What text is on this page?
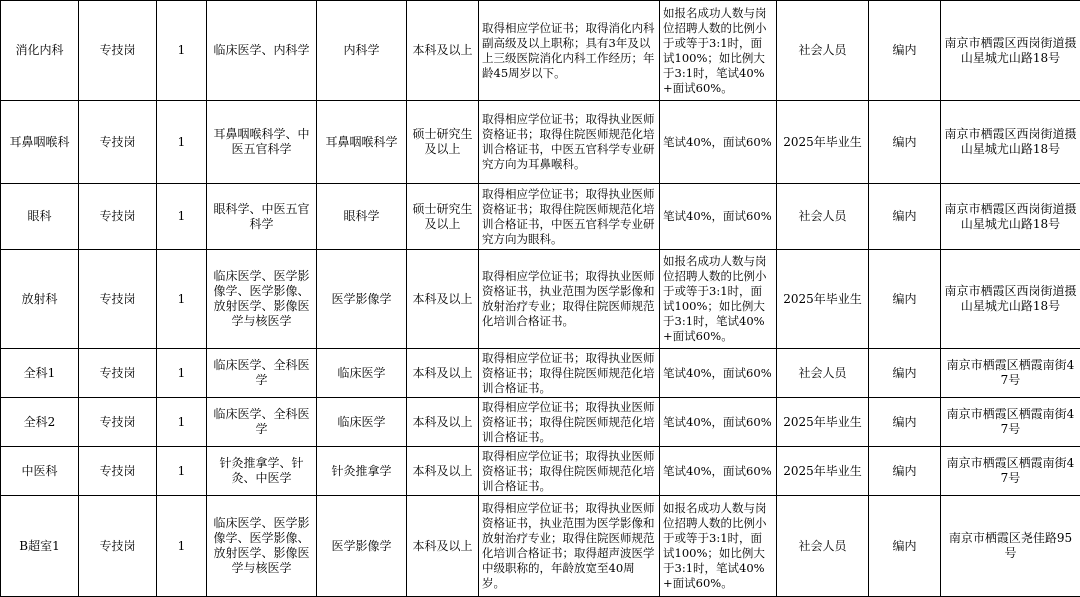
消化内科	专技岗	1	临床医学、内科学	内科学	本科及以上	取得相应学位证书；取得消化内科副高级及以上职称；具有3年及以上三级医院消化内科工作经历；年龄45周岁以下。	如报名成功人数与岗位招聘人数的比例小于或等于3:1时，面试100%；如比例大于3:1时，笔试40%+面试60%。	社会人员	编内	南京市栖霞区西岗街道摄山星城尤山路18号
耳鼻咽喉科	专技岗	1	耳鼻咽喉科学、中医五官科学	耳鼻咽喉科学	硕士研究生及以上	取得相应学位证书；取得执业医师资格证书；取得住院医师规范化培训合格证书，中医五官科学专业研究方向为耳鼻喉科。	笔试40%，面试60%	2025年毕业生	编内	南京市栖霞区西岗街道摄山星城尤山路18号
眼科	专技岗	1	眼科学、中医五官科学	眼科学	硕士研究生及以上	取得相应学位证书；取得执业医师资格证书；取得住院医师规范化培训合格证书，中医五官科学专业研究方向为眼科。	笔试40%，面试60%	社会人员	编内	南京市栖霞区西岗街道摄山星城尤山路18号
放射科	专技岗	1	临床医学、医学影像学、医学影像、放射医学、影像医学与核医学	医学影像学	本科及以上	取得相应学位证书；取得执业医师资格证书，执业范围为医学影像和放射治疗专业；取得住院医师规范化培训合格证书。	如报名成功人数与岗位招聘人数的比例小于或等于3:1时，面试100%；如比例大于3:1时，笔试40%+面试60%。	2025年毕业生	编内	南京市栖霞区西岗街道摄山星城尤山路18号
全科1	专技岗	1	临床医学、全科医学	临床医学	本科及以上	取得相应学位证书；取得执业医师资格证书；取得住院医师规范化培训合格证书。	笔试40%，面试60%	社会人员	编内	南京市栖霞区栖霞南街47号
全科2	专技岗	1	临床医学、全科医学	临床医学	本科及以上	取得相应学位证书；取得执业医师资格证书；取得住院医师规范化培训合格证书。	笔试40%，面试60%	2025年毕业生	编内	南京市栖霞区栖霞南街47号
中医科	专技岗	1	针灸推拿学、针灸、中医学	针灸推拿学	本科及以上	取得相应学位证书；取得执业医师资格证书；取得住院医师规范化培训合格证书。	笔试40%，面试60%	2025年毕业生	编内	南京市栖霞区栖霞南街47号
B超室1	专技岗	1	临床医学、医学影像学、医学影像、放射医学、影像医学与核医学	医学影像学	本科及以上	取得相应学位证书；取得执业医师资格证书，执业范围为医学影像和放射治疗专业；取得住院医师规范化培训合格证书；取得超声波医学中级职称的，年龄放宽至40周岁。	如报名成功人数与岗位招聘人数的比例小于或等于3:1时，面试100%；如比例大于3:1时，笔试40%+面试60%。	社会人员	编内	南京市栖霞区尧佳路95号
